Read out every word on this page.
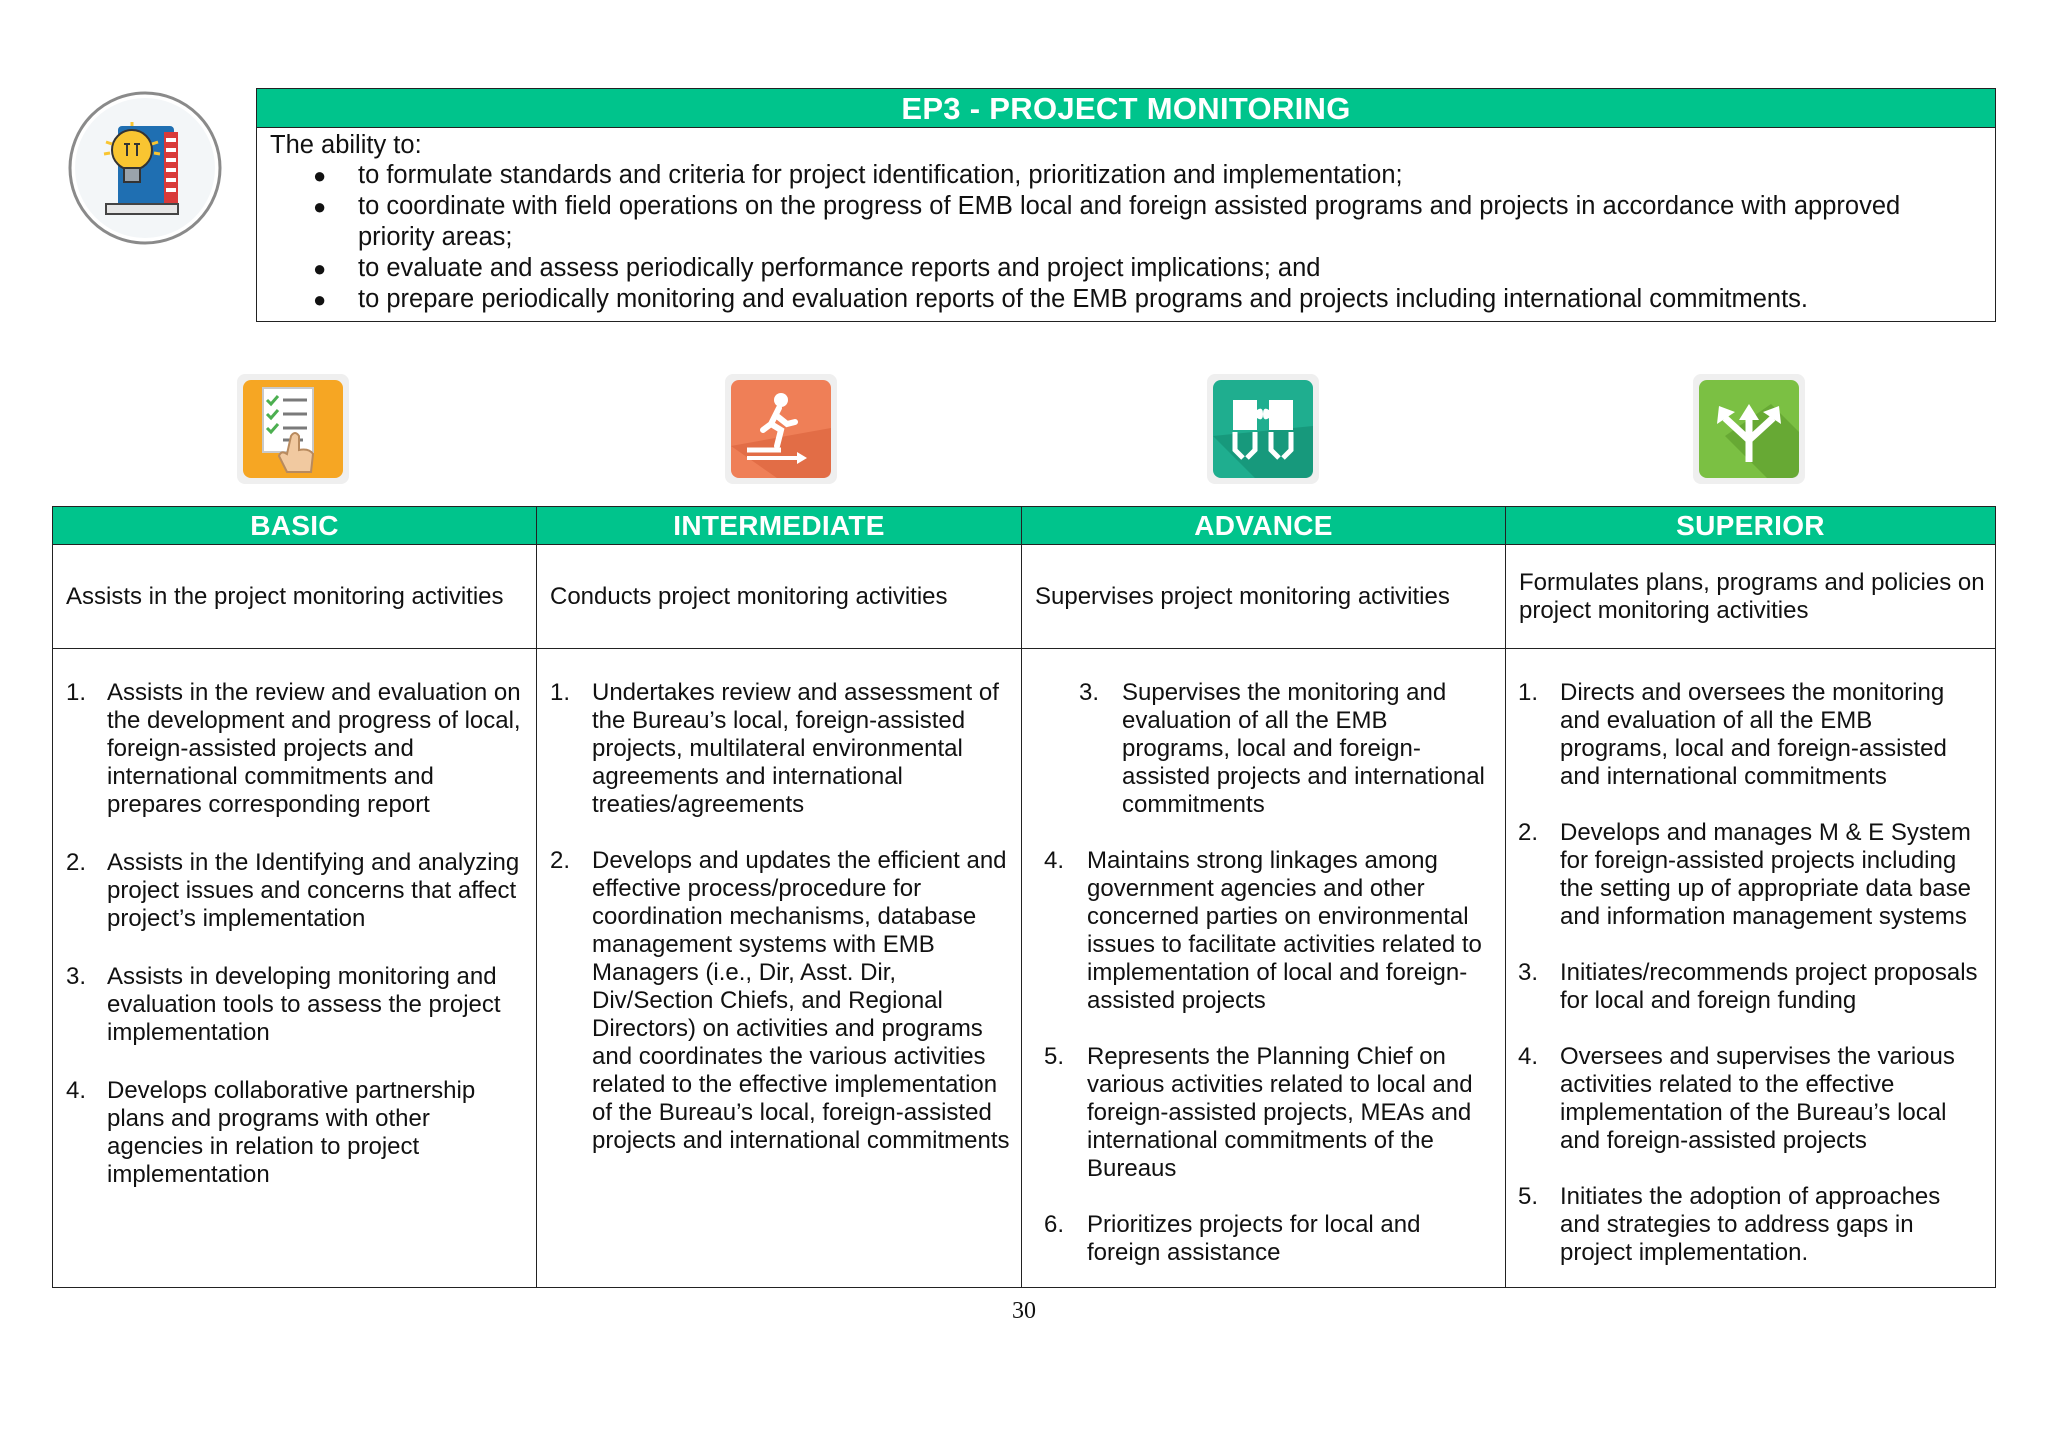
EP3 - PROJECT MONITORING
The ability to:
● to formulate standards and criteria for project identification, prioritization and implementation;
● to coordinate with field operations on the progress of EMB local and foreign assisted programs and projects in accordance with approved priority areas;
● to evaluate and assess periodically performance reports and project implications; and
● to prepare periodically monitoring and evaluation reports of the EMB programs and projects including international commitments.
BASIC
Assists in the project monitoring activities
1. Assists in the review and evaluation on the development and progress of local, foreign-assisted projects and international commitments and prepares corresponding report
2. Assists in the Identifying and analyzing project issues and concerns that affect project’s implementation
3. Assists in developing monitoring and evaluation tools to assess the project implementation
4. Develops collaborative partnership plans and programs with other agencies in relation to project implementation
INTERMEDIATE
Conducts project monitoring activities
1. Undertakes review and assessment of the Bureau’s local, foreign-assisted projects, multilateral environmental agreements and international treaties/agreements
2. Develops and updates the efficient and effective process/procedure for coordination mechanisms, database management systems with EMB Managers (i.e., Dir, Asst. Dir, Div/Section Chiefs, and Regional Directors) on activities and programs and coordinates the various activities related to the effective implementation of the Bureau’s local, foreign-assisted projects and international commitments
ADVANCE
Supervises project monitoring activities
3. Supervises the monitoring and evaluation of all the EMB programs, local and foreign-assisted projects and international commitments
4. Maintains strong linkages among government agencies and other concerned parties on environmental issues to facilitate activities related to implementation of local and foreign-assisted projects
5. Represents the Planning Chief on various activities related to local and foreign-assisted projects, MEAs and international commitments of the Bureaus
6. Prioritizes projects for local and foreign assistance
SUPERIOR
Formulates plans, programs and policies on project monitoring activities
1. Directs and oversees the monitoring and evaluation of all the EMB programs, local and foreign-assisted and international commitments
2. Develops and manages M & E System for foreign-assisted projects including the setting up of appropriate data base and information management systems
3. Initiates/recommends project proposals for local and foreign funding
4. Oversees and supervises the various activities related to the effective implementation of the Bureau’s local and foreign-assisted projects
5. Initiates the adoption of approaches and strategies to address gaps in project implementation.
30
